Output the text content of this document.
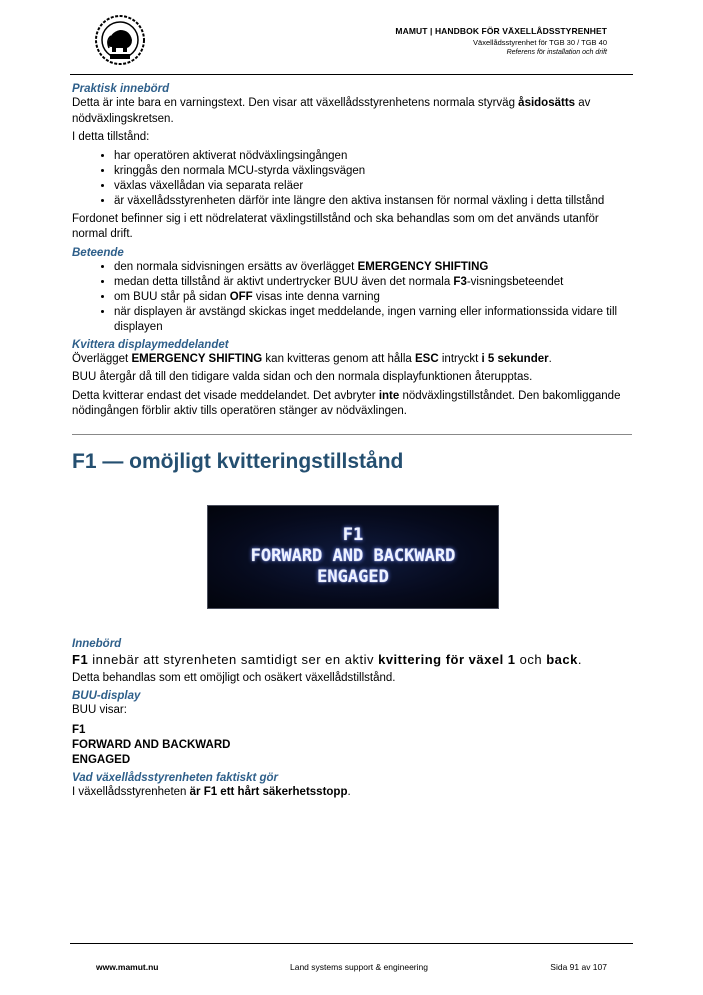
MAMUT | HANDBOK FÖR VÄXELLÅDSSTYRENHET
Växellådsstyrenhet för TGB 30 / TGB 40
Referens för installation och drift
Praktisk innebörd

Detta är inte bara en varningstext. Den visar att växellådsstyrenhetens normala styrväg åsidosätts av nödväxlingskretsen.

I detta tillstånd:

• har operatören aktiverat nödväxlingsingången
• kringgås den normala MCU-styrda växlingsvägen
• växlas växellådan via separata reläer
• är växellådsstyrenheten därför inte längre den aktiva instansen för normal växling i detta tillstånd

Fordonet befinner sig i ett nödrelaterat växlingstillstånd och ska behandlas som om det används utanför normal drift.

Beteende
• den normala sidvisningen ersätts av överlägget EMERGENCY SHIFTING
• medan detta tillstånd är aktivt undertrycker BUU även det normala F3-visningsbeteendet
• om BUU står på sidan OFF visas inte denna varning
• när displayen är avstängd skickas inget meddelande, ingen varning eller informationssida vidare till displayen
Kvittera displaymeddelandet

Överlägget EMERGENCY SHIFTING kan kvitteras genom att hålla ESC intryckt i 5 sekunder.

BUU återgår då till den tidigare valda sidan och den normala displayfunktionen återupptas.

Detta kvitterar endast det visade meddelandet. Det avbryter inte nödväxlingstillståndet. Den bakomliggande nödingången förblir aktiv tills operatören stänger av nödväxlingen.

F1 — omöjligt kvitteringstillstånd
F1
FORWARD AND BACKWARD
ENGAGED
Innebörd

F1 innebär att styrenheten samtidigt ser en aktiv kvittering för växel 1 och back.

Detta behandlas som ett omöjligt och osäkert växellådstillstånd.

BUU-display

BUU visar:

F1
FORWARD AND BACKWARD
ENGAGED
Vad växellådsstyrenheten faktiskt gör

I växellådsstyrenheten är F1 ett hårt säkerhetsstopp.

www.mamut.nu	Land systems support & engineering	Sida 91 av 107
